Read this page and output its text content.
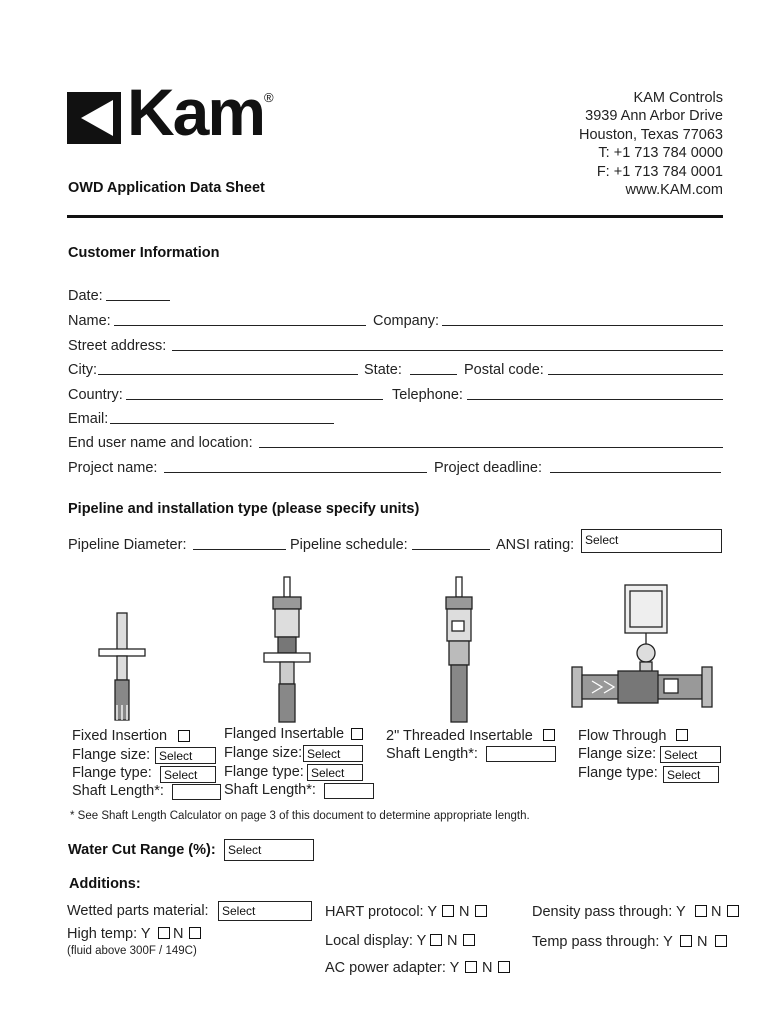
Kam ®	KAM Controls
3939 Ann Arbor Drive
Houston, Texas 77063
T: +1 713 784 0000
F: +1 713 784 0001
www.KAM.com
OWD Application Data Sheet
Customer Information
Date:
Name:	Company:
Street address:
City:	State:	Postal code:
Country:	Telephone:
Email:
End user name and location:
Project name:	Project deadline:
Pipeline and installation type (please specify units)
Pipeline Diameter:	Pipeline schedule:	ANSI rating: Select
Fixed Insertion
Flange size: Select
Flange type:	Select
Shaft Length*:
Flanged Insertable
Flange size: Select
Flange type: Select
Shaft Length*:
2" Threaded Insertable
Shaft Length*:
Flow Through
Flange size: Select
Flange type: Select
* See Shaft Length Calculator on page 3 of this document to determine appropriate length.
Water Cut Range (%):	Select
Additions:
Wetted parts material:	Select
High temp: Y N
(fluid above 300F / 149C)
HART protocol: Y N
Local display: Y N
AC power adapter: Y N
Density pass through: Y N
Temp pass through: Y N
